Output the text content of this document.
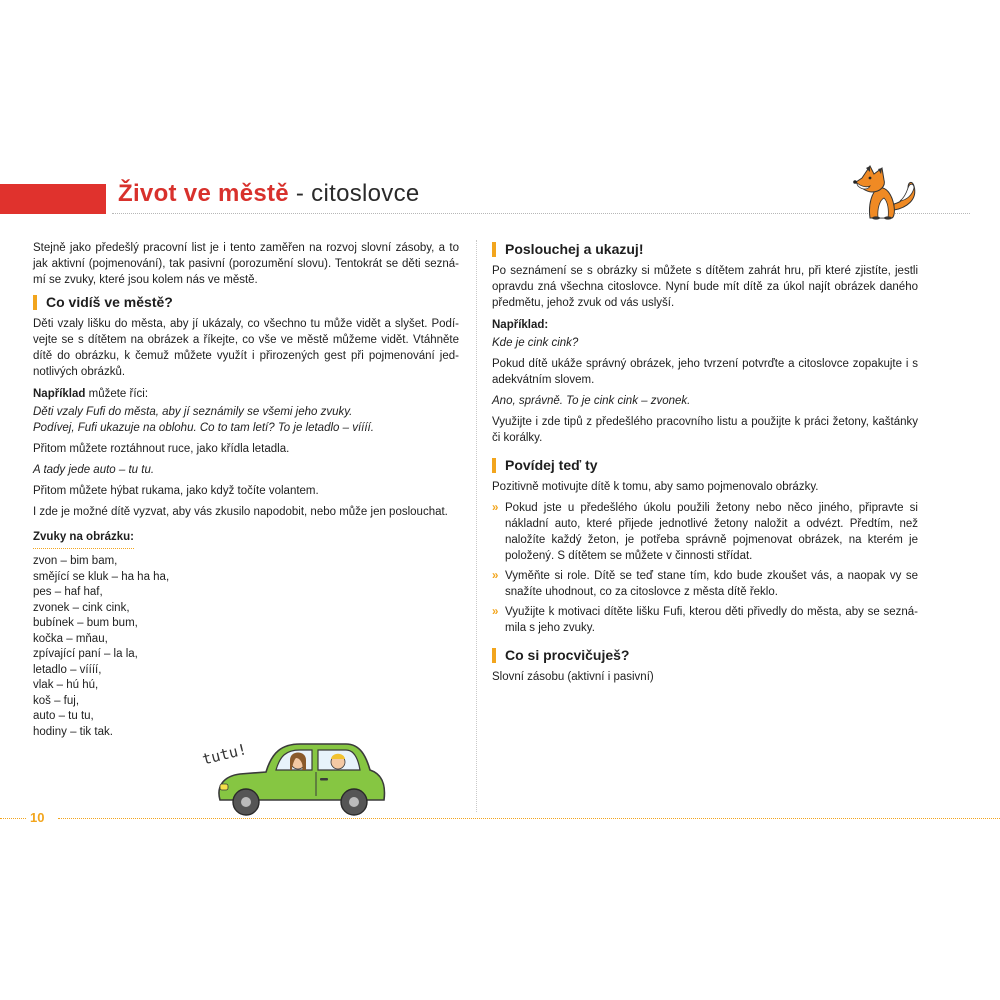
Život ve městě - citoslovce

Stejně jako předešlý pracovní list je i tento zaměřen na rozvoj slovní zásoby, a to jak aktivní (pojmenování), tak pasivní (porozumění slovu). Tentokrát se děti seznámí se zvuky, které jsou kolem nás ve městě.

Co vidíš ve městě?

Děti vzaly lišku do města, aby jí ukázaly, co všechno tu může vidět a slyšet. Podívejte se s dítětem na obrázek a říkejte, co vše ve městě můžeme vidět. Vtáhněte dítě do obrázku, k čemuž můžete využít i přirozených gest při pojmenování jednotlivých obrázků.

Například můžete říci:

Děti vzaly Fufi do města, aby jí seznámily se všemi jeho zvuky.

Podívej, Fufi ukazuje na oblohu. Co to tam letí? To je letadlo – víííí.

Přitom můžete roztáhnout ruce, jako křídla letadla.

A tady jede auto – tu tu.

Přitom můžete hýbat rukama, jako když točíte volantem.

I zde je možné dítě vyzvat, aby vás zkusilo napodobit, nebo může jen poslouchat.

Zvuky na obrázku:
zvon – bim bam,
smějící se kluk – ha ha ha,
pes – haf haf,
zvonek – cink cink,
bubínek – bum bum,
kočka – mňau,
zpívající paní – la la,
letadlo – víííí,
vlak – hú hú,
koš – fuj,
auto – tu tu,
hodiny – tik tak.
tutu!
Poslouchej a ukazuj!

Po seznámení se s obrázky si můžete s dítětem zahrát hru, při které zjistíte, jestli opravdu zná všechna citoslovce. Nyní bude mít dítě za úkol najít obrázek daného předmětu, jehož zvuk od vás uslyší.

Například:

Kde je cink cink?

Pokud dítě ukáže správný obrázek, jeho tvrzení potvrďte a citoslovce zopakujte i s adekvátním slovem.

Ano, správně. To je cink cink – zvonek.

Využijte i zde tipů z předešlého pracovního listu a použijte k práci žetony, kaštánky či korálky.

Povídej teď ty

Pozitivně motivujte dítě k tomu, aby samo pojmenovalo obrázky.

» Pokud jste u předešlého úkolu použili žetony nebo něco jiného, připravte si nákladní auto, které přijede jednotlivé žetony naložit a odvézt. Předtím, než naložíte každý žeton, je potřeba správně pojmenovat obrázek, na kterém je položený. S dítětem se můžete v činnosti střídat.
» Vyměňte si role. Dítě se teď stane tím, kdo bude zkoušet vás, a naopak vy se snažíte uhodnout, co za citoslovce z města dítě řeklo.
» Využijte k motivaci dítěte lišku Fufi, kterou děti přivedly do města, aby se seznámila s jeho zvuky.
Co si procvičuješ?

Slovní zásobu (aktivní i pasivní)

10
